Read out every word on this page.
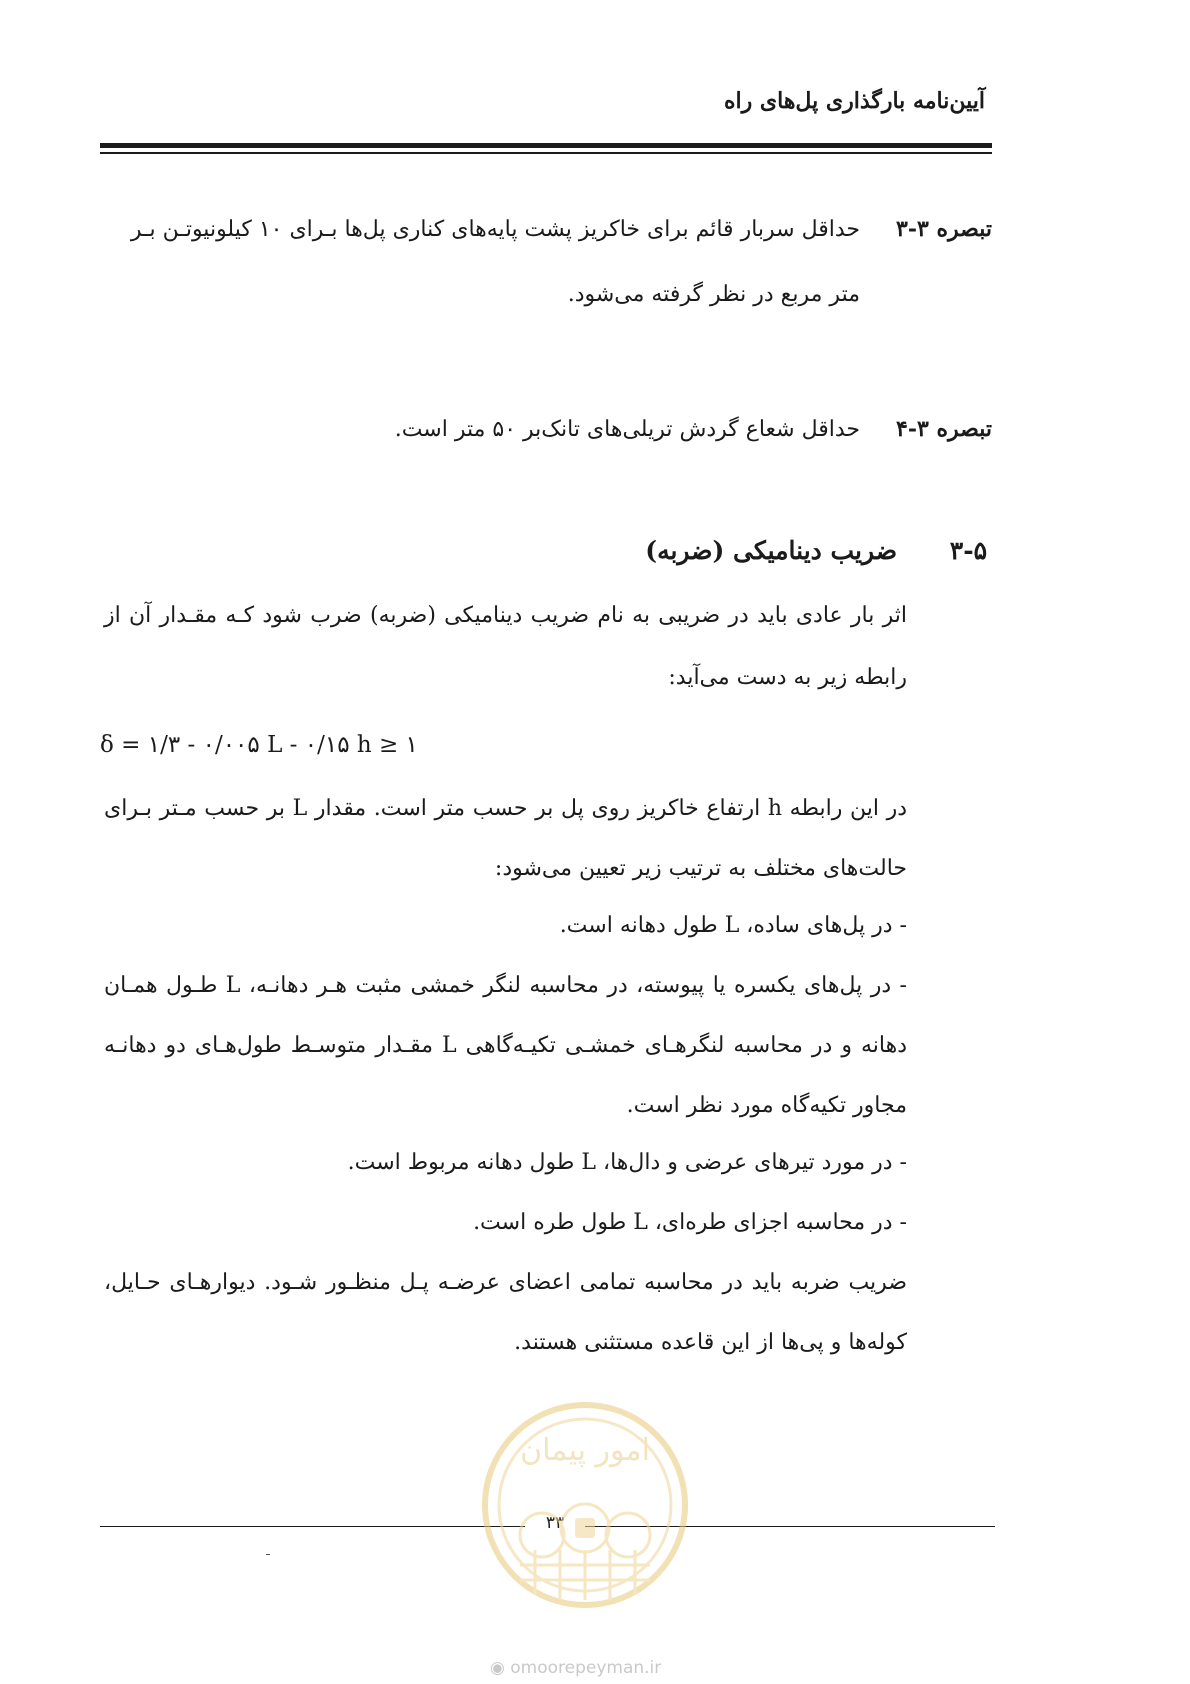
آیین‌نامه بارگذاری پل‌های راه
تبصره ۳-۳  حداقل سربار قائم برای خاکریز پشت پایه‌های کناری پل‌ها بـرای ۱۰ کیلونیوتـن بـر
متر مربع در نظر گرفته می‌شود.
تبصره ۳-۴  حداقل شعاع گردش تریلی‌های تانک‌بر ۵۰ متر است.
۳-۵ ضریب دینامیکی (ضربه)
اثر بار عادی باید در ضریبی به نام ضریب دینامیکی (ضربه) ضرب شود کـه مقـدار آن از
رابطه زیر به دست می‌آید:
δ = ۱/۳ - ۰/۰۰۵ L - ۰/۱۵ h ≥ ۱
در این رابطه h ارتفاع خاکریز روی پل بر حسب متر است. مقدار L بر حسب مـتر بـرای
حالت‌های مختلف به ترتیب زیر تعیین می‌شود:
- در پل‌های ساده، L طول دهانه است.
- در پل‌های یکسره یا پیوسته، در محاسبه لنگر خمشی مثبت هـر دهانـه، L طـول همـان
دهانه و در محاسبه لنگرهـای خمشـی تکیـه‌گاهی L مقـدار متوسـط طول‌هـای دو دهانـه
مجاور تکیه‌گاه مورد نظر است.
- در مورد تیرهای عرضی و دال‌ها، L طول دهانه مربوط است.
- در محاسبه اجزای طره‌ای، L طول طره است.
ضریب ضربه باید در محاسبه تمامی اعضای عرضـه پـل منظـور شـود. دیوارهـای حـایل،
کوله‌ها و پی‌ها از این قاعده مستثنی هستند.
۳۳
امور پیمان
◉ omoorepeyman.ir
